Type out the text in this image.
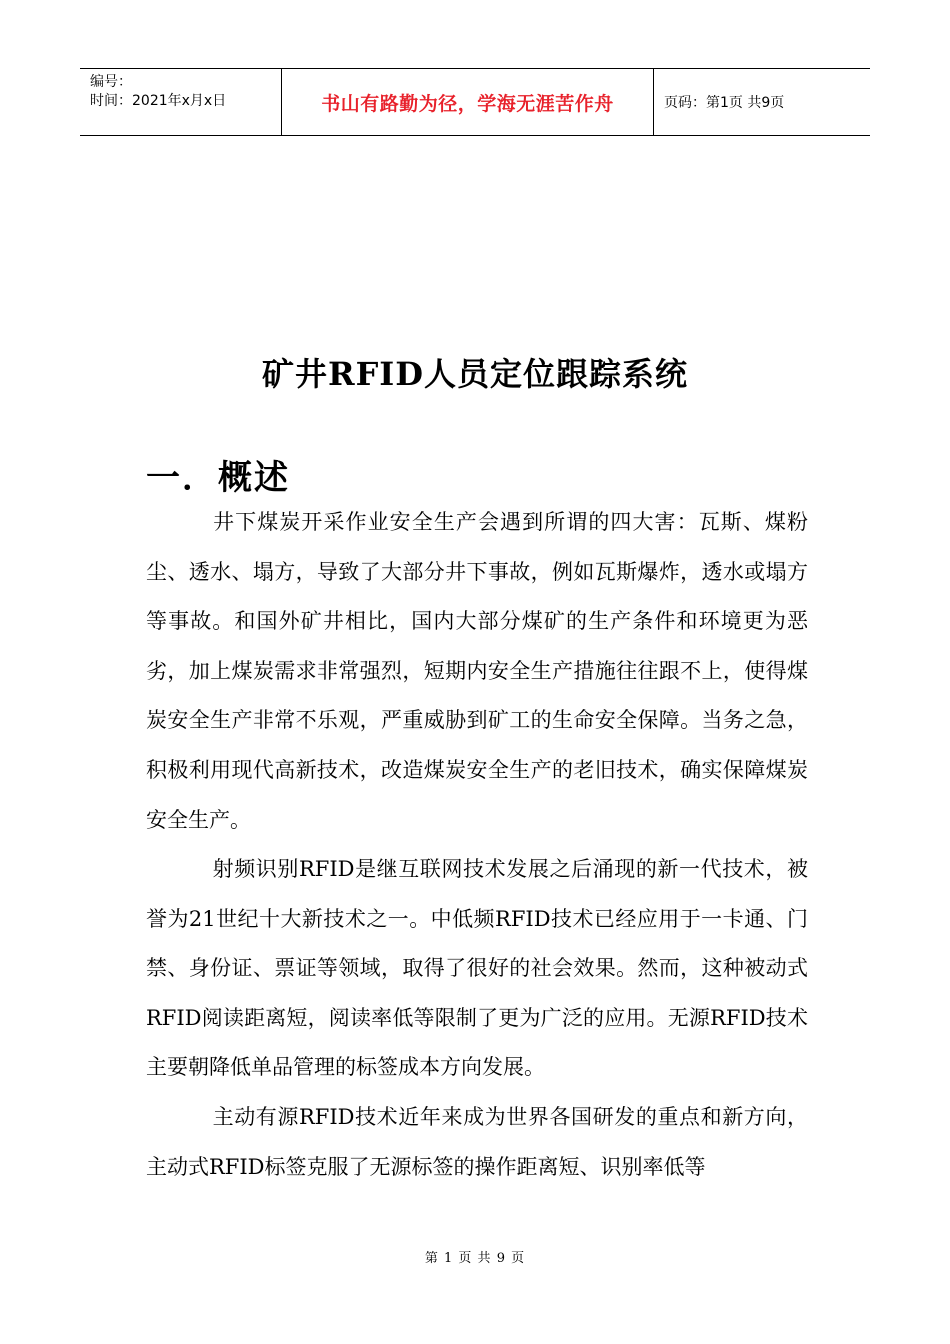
编号：
时间：2021年x月x日	书山有路勤为径，学海无涯苦作舟	页码：第1页 共9页
矿井RFID人员定位跟踪系统
一．概述

井下煤炭开采作业安全生产会遇到所谓的四大害：瓦斯、煤粉尘、透水、塌方，导致了大部分井下事故，例如瓦斯爆炸，透水或塌方等事故。和国外矿井相比，国内大部分煤矿的生产条件和环境更为恶劣，加上煤炭需求非常强烈，短期内安全生产措施往往跟不上，使得煤炭安全生产非常不乐观，严重威胁到矿工的生命安全保障。当务之急，积极利用现代高新技术，改造煤炭安全生产的老旧技术，确实保障煤炭安全生产。

射频识别RFID是继互联网技术发展之后涌现的新一代技术，被誉为21世纪十大新技术之一。中低频RFID技术已经应用于一卡通、门禁、身份证、票证等领域，取得了很好的社会效果。然而，这种被动式RFID阅读距离短，阅读率低等限制了更为广泛的应用。无源RFID技术主要朝降低单品管理的标签成本方向发展。

主动有源RFID技术近年来成为世界各国研发的重点和新方向，主动式RFID标签克服了无源标签的操作距离短、识别率低等

第 1 页 共 9 页
